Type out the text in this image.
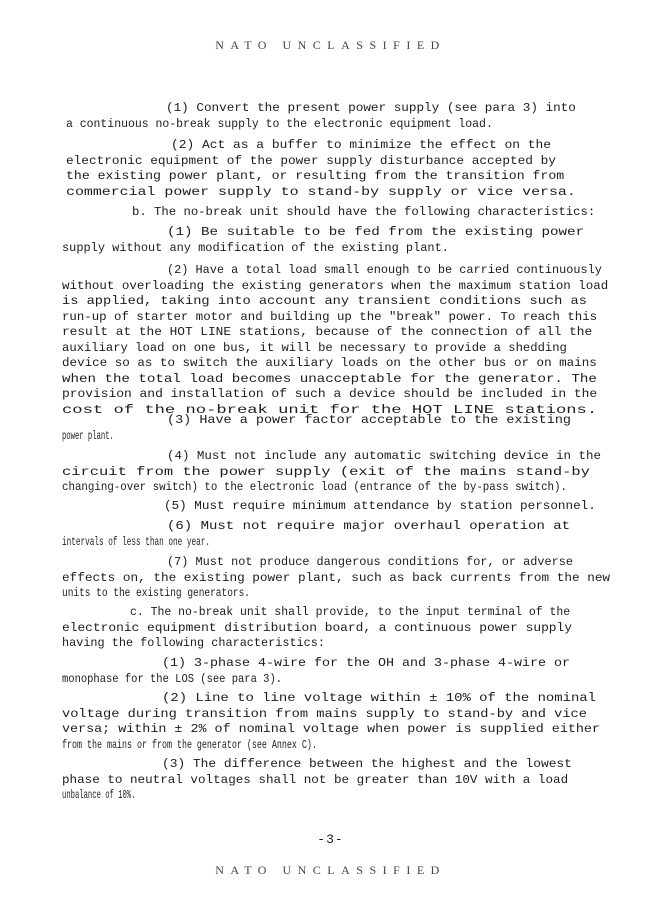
NATO UNCLASSIFIED

(1) Convert the present power supply (see para 3) into
a continuous no-break supply to the electronic equipment load.

(2) Act as a buffer to minimize the effect on the
electronic equipment of the power supply disturbance accepted by
the existing power plant, or resulting from the transition from
commercial power supply to stand-by supply or vice versa.

b. The no-break unit should have the following characteristics:

(1) Be suitable to be fed from the existing power
supply without any modification of the existing plant.

(2) Have a total load small enough to be carried continuously
without overloading the existing generators when the maximum station load
is applied, taking into account any transient conditions such as
run-up of starter motor and building up the "break" power. To reach this
result at the HOT LINE stations, because of the connection of all the
auxiliary load on one bus, it will be necessary to provide a shedding
device so as to switch the auxiliary loads on the other bus or on mains
when the total load becomes unacceptable for the generator. The
provision and installation of such a device should be included in the
cost of the no-break unit for the HOT LINE stations.

(3) Have a power factor acceptable to the existing
power plant.

(4) Must not include any automatic switching device in the
circuit from the power supply (exit of the mains stand-by
changing-over switch) to the electronic load (entrance of the by-pass switch).

(5) Must require minimum attendance by station personnel.

(6) Must not require major overhaul operation at
intervals of less than one year.

(7) Must not produce dangerous conditions for, or adverse
effects on, the existing power plant, such as back currents from the new
units to the existing generators.

c. The no-break unit shall provide, to the input terminal of the
electronic equipment distribution board, a continuous power supply
having the following characteristics:

(1) 3-phase 4-wire for the OH and 3-phase 4-wire or
monophase for the LOS (see para 3).

(2) Line to line voltage within ± 10% of the nominal
voltage during transition from mains supply to stand-by and vice
versa; within ± 2% of nominal voltage when power is supplied either
from the mains or from the generator (see Annex C).

(3) The difference between the highest and the lowest
phase to neutral voltages shall not be greater than 10V with a load
unbalance of 10%.

-3-
NATO UNCLASSIFIED
